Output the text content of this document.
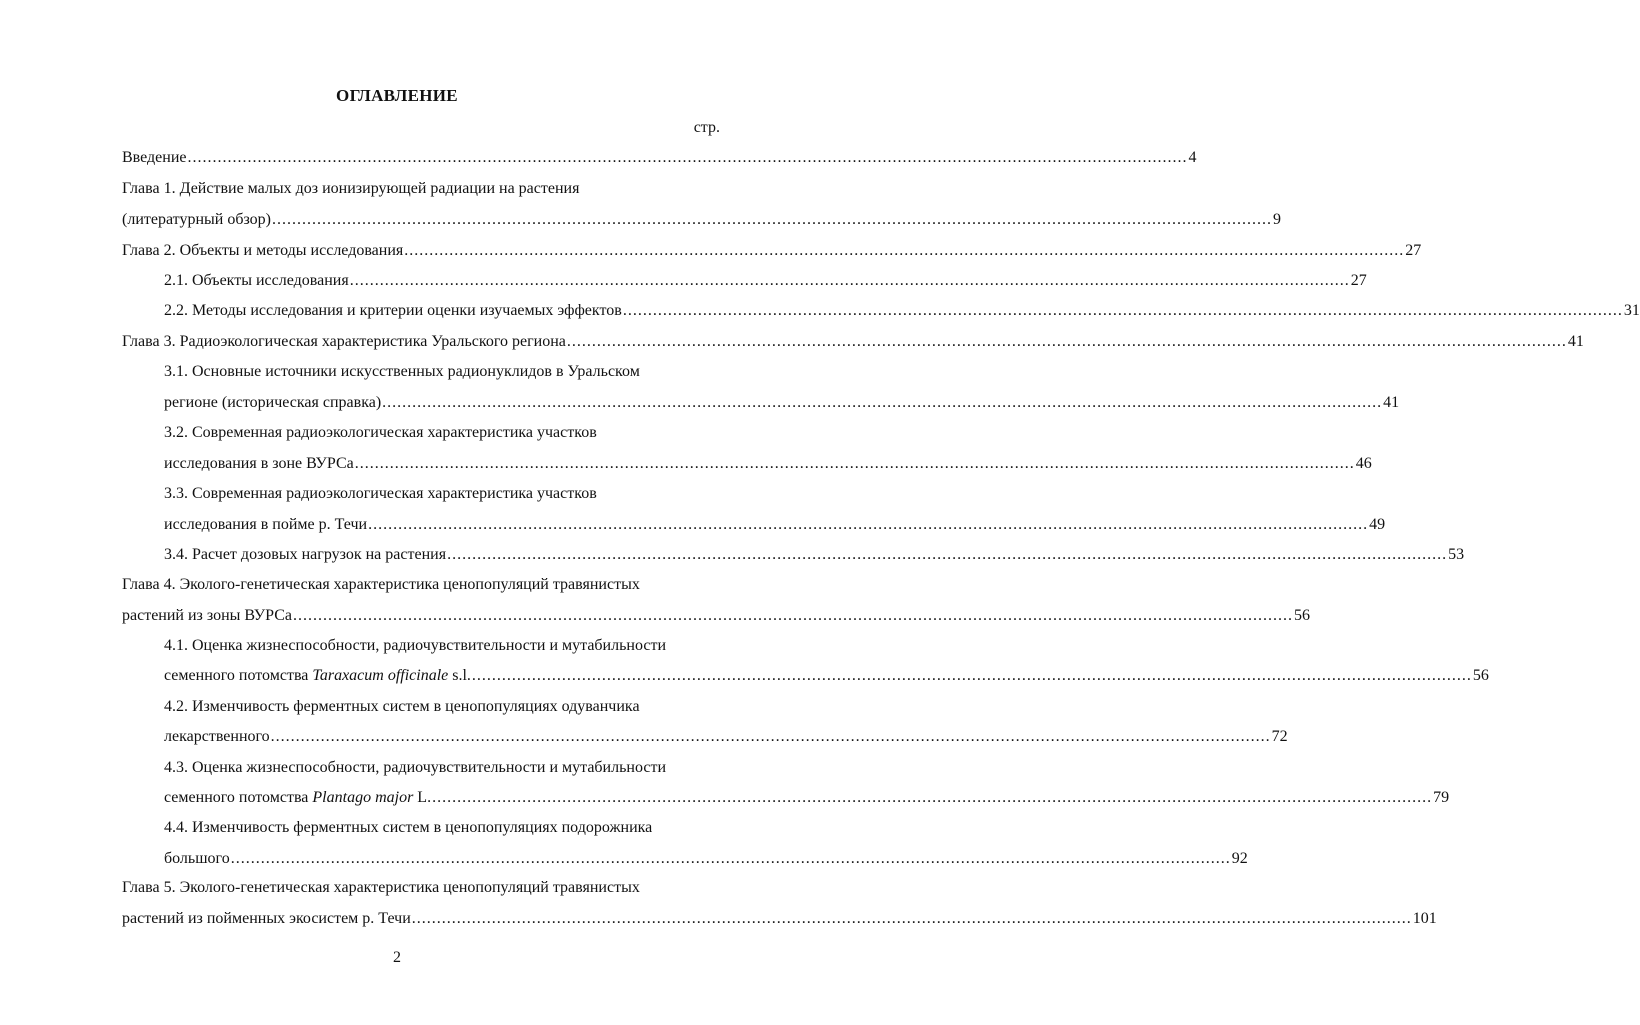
ОГЛАВЛЕНИЕ
стр.
Введение ........................................................................................................................................................................................................ 4
Глава 1. Действие малых доз ионизирующей радиации на растения
(литературный обзор) ........................................................................................................................................................................................................ 9
Глава 2. Объекты и методы исследования ........................................................................................................................................................................................................ 27
2.1. Объекты исследования ........................................................................................................................................................................................................ 27
2.2. Методы исследования и критерии оценки изучаемых эффектов ........................................................................................................................................................................................................ 31
Глава 3. Радиоэкологическая характеристика Уральского региона ........................................................................................................................................................................................................ 41
3.1. Основные источники искусственных радионуклидов в Уральском
регионе (историческая справка) ........................................................................................................................................................................................................ 41
3.2. Современная радиоэкологическая характеристика участков
исследования в зоне ВУРСа ........................................................................................................................................................................................................ 46
3.3. Современная радиоэкологическая характеристика участков
исследования в пойме р. Течи ........................................................................................................................................................................................................ 49
3.4. Расчет дозовых нагрузок на растения ........................................................................................................................................................................................................ 53
Глава 4. Эколого-генетическая характеристика ценопопуляций травянистых
растений из зоны ВУРСа ........................................................................................................................................................................................................ 56
4.1. Оценка жизнеспособности, радиочувствительности и мутабильности
семенного потомства Taraxacum officinale s.l. ........................................................................................................................................................................................................ 56
4.2. Изменчивость ферментных систем в ценопопуляциях одуванчика
лекарственного ........................................................................................................................................................................................................ 72
4.3. Оценка жизнеспособности, радиочувствительности и мутабильности
семенного потомства Plantago major L. ........................................................................................................................................................................................................ 79
4.4. Изменчивость ферментных систем в ценопопуляциях подорожника
большого ........................................................................................................................................................................................................ 92
Глава 5. Эколого-генетическая характеристика ценопопуляций травянистых
растений из пойменных экосистем р. Течи ........................................................................................................................................................................................................ 101
2
